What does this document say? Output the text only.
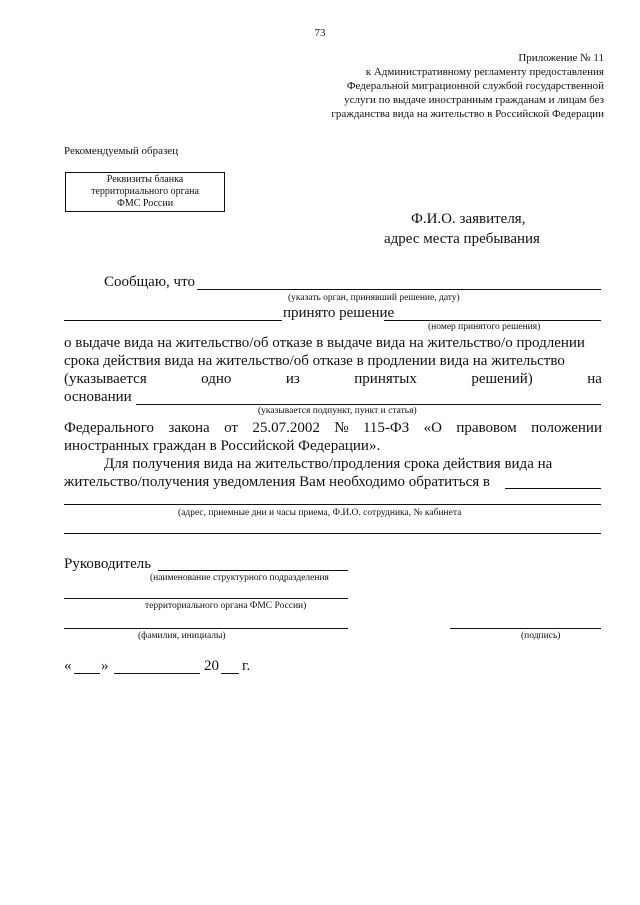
73
Приложение № 11
к Административному регламенту предоставления
Федеральной миграционной службой государственной
услуги по выдаче иностранным гражданам и лицам без
гражданства вида на жительство в Российской Федерации
Рекомендуемый образец
Реквизиты бланка
территориального органа
ФМС России
Ф.И.О. заявителя,
адрес места пребывания
Сообщаю, что
(указать орган, принявший решение, дату)
принято решение
(номер принятого решения)
о выдаче вида на жительство/об отказе в выдаче вида на жительство/о продлении
срока действия вида на жительство/об отказе в продлении вида на жительство
(указывается	одно	из	принятых	решений)	на
основании
(указывается подпункт, пункт и статья)
Федерального закона от 25.07.2002 № 115-ФЗ «О правовом положении
иностранных граждан в Российской Федерации».
Для получения вида на жительство/продления срока действия вида на
жительство/получения уведомления Вам необходимо обратиться в
(адрес, приемные дни и часы приема, Ф.И.О. сотрудника, № кабинета
Руководитель
(наименование структурного подразделения
территориального органа ФМС России)
(фамилия, инициалы)	(подпись)
« »	20 г.
